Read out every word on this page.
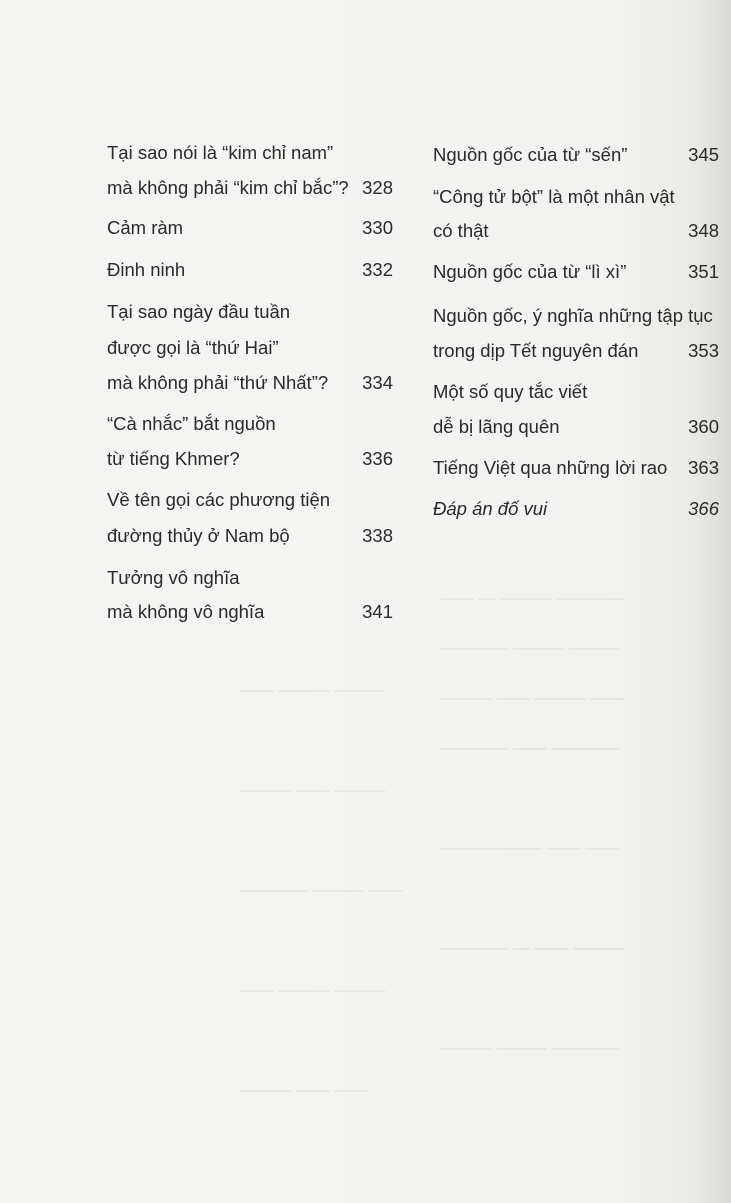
———— ——— — ——
——— ——— ————
—— ——— —— ———
———— —— ————
—— —— ——————
——— —— — ————
———— ——— ———
——— ——— ——
——— —— ———
—— ——— ————
——— ——— ——
—— —— ———
Tại sao nói là “kim chỉ nam”
mà không phải “kim chỉ bắc”? 328
Cảm ràm	330
Đinh ninh	332
Tại sao ngày đầu tuần
được gọi là “thứ Hai”
mà không phải “thứ Nhất”? 334
“Cà nhắc” bắt nguồn
từ tiếng Khmer?	336
Về tên gọi các phương tiện
đường thủy ở Nam bộ	338
Tưởng vô nghĩa
mà không vô nghĩa	341
Nguồn gốc của từ “sến”	345
“Công tử bột” là một nhân vật
có thật	348
Nguồn gốc của từ “lì xì”	351
Nguồn gốc, ý nghĩa những tập tục
trong dịp Tết nguyên đán	353
Một số quy tắc viết
dễ bị lãng quên	360
Tiếng Việt qua những lời rao 363
Đáp án đố vui	366
